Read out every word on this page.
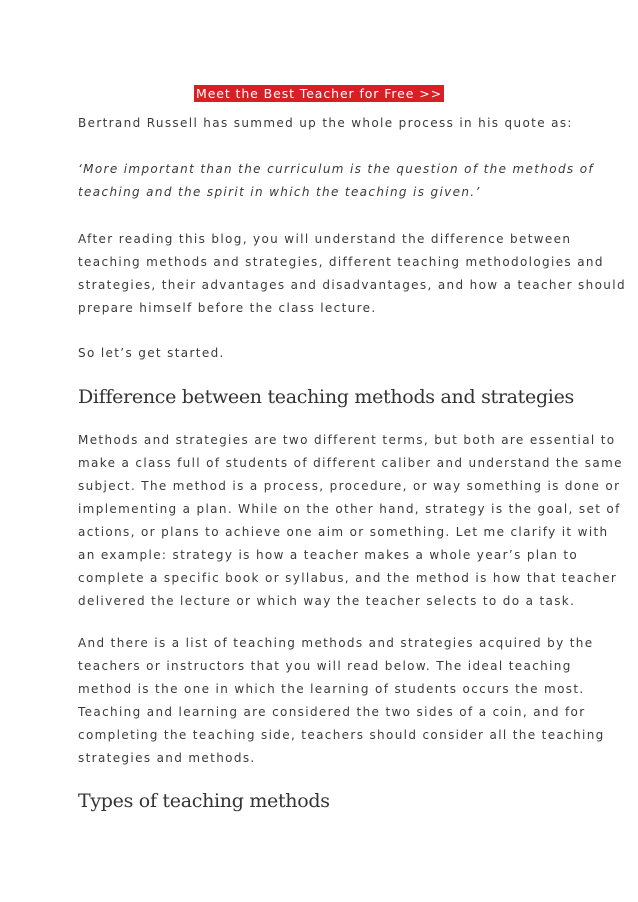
Meet the Best Teacher for Free >>

Bertrand Russell has summed up the whole process in his quote as:

‘More important than the curriculum is the question of the methods of
teaching and the spirit in which the teaching is given.’

After reading this blog, you will understand the difference between
teaching methods and strategies, different teaching methodologies and
strategies, their advantages and disadvantages, and how a teacher should
prepare himself before the class lecture.

So let’s get started.

Difference between teaching methods and strategies

Methods and strategies are two different terms, but both are essential to
make a class full of students of different caliber and understand the same
subject. The method is a process, procedure, or way something is done or
implementing a plan. While on the other hand, strategy is the goal, set of
actions, or plans to achieve one aim or something. Let me clarify it with
an example: strategy is how a teacher makes a whole year’s plan to
complete a specific book or syllabus, and the method is how that teacher
delivered the lecture or which way the teacher selects to do a task.

And there is a list of teaching methods and strategies acquired by the
teachers or instructors that you will read below. The ideal teaching
method is the one in which the learning of students occurs the most.
Teaching and learning are considered the two sides of a coin, and for
completing the teaching side, teachers should consider all the teaching
strategies and methods.

Types of teaching methods
